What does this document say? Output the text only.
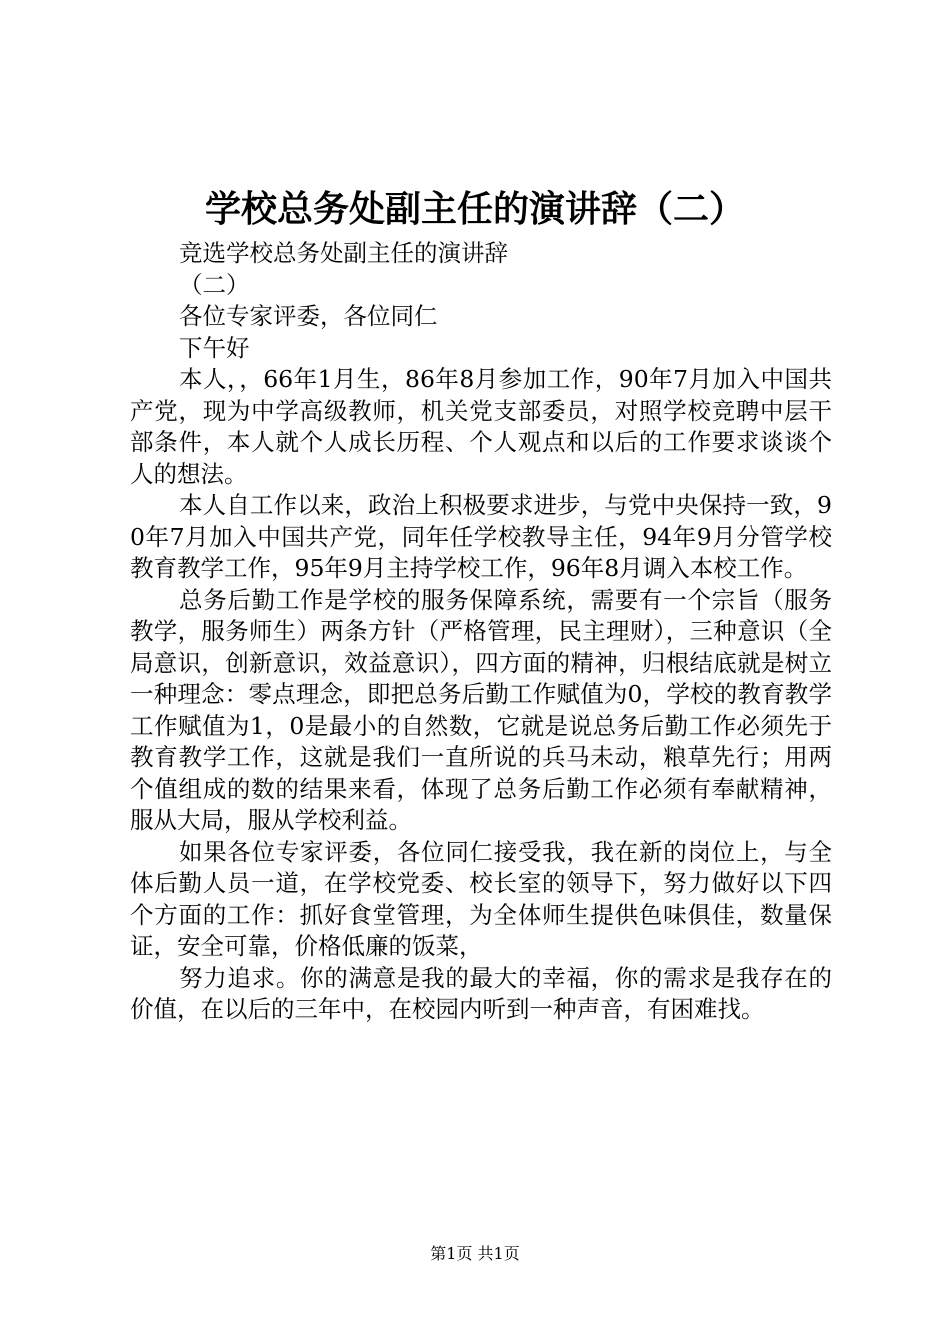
学校总务处副主任的演讲辞（二）

竞选学校总务处副主任的演讲辞

（二）

各位专家评委，各位同仁

下午好

本人，，66年1月生，86年8月参加工作，90年7月加入中国共产党，现为中学高级教师，机关党支部委员，对照学校竞聘中层干部条件，本人就个人成长历程、个人观点和以后的工作要求谈谈个人的想法。

本人自工作以来，政治上积极要求进步，与党中央保持一致，90年7月加入中国共产党，同年任学校教导主任，94年9月分管学校教育教学工作，95年9月主持学校工作，96年8月调入本校工作。

总务后勤工作是学校的服务保障系统，需要有一个宗旨（服务教学，服务师生）两条方针（严格管理，民主理财），三种意识（全局意识，创新意识，效益意识），四方面的精神，归根结底就是树立一种理念：零点理念，即把总务后勤工作赋值为0，学校的教育教学工作赋值为1，0是最小的自然数，它就是说总务后勤工作必须先于教育教学工作，这就是我们一直所说的兵马未动，粮草先行；用两个值组成的数的结果来看，体现了总务后勤工作必须有奉献精神，服从大局，服从学校利益。

如果各位专家评委，各位同仁接受我，我在新的岗位上，与全体后勤人员一道，在学校党委、校长室的领导下，努力做好以下四个方面的工作：抓好食堂管理，为全体师生提供色味俱佳，数量保证，安全可靠，价格低廉的饭菜，

努力追求。你的满意是我的最大的幸福，你的需求是我存在的价值，在以后的三年中，在校园内听到一种声音，有困难找。

第1页 共1页
